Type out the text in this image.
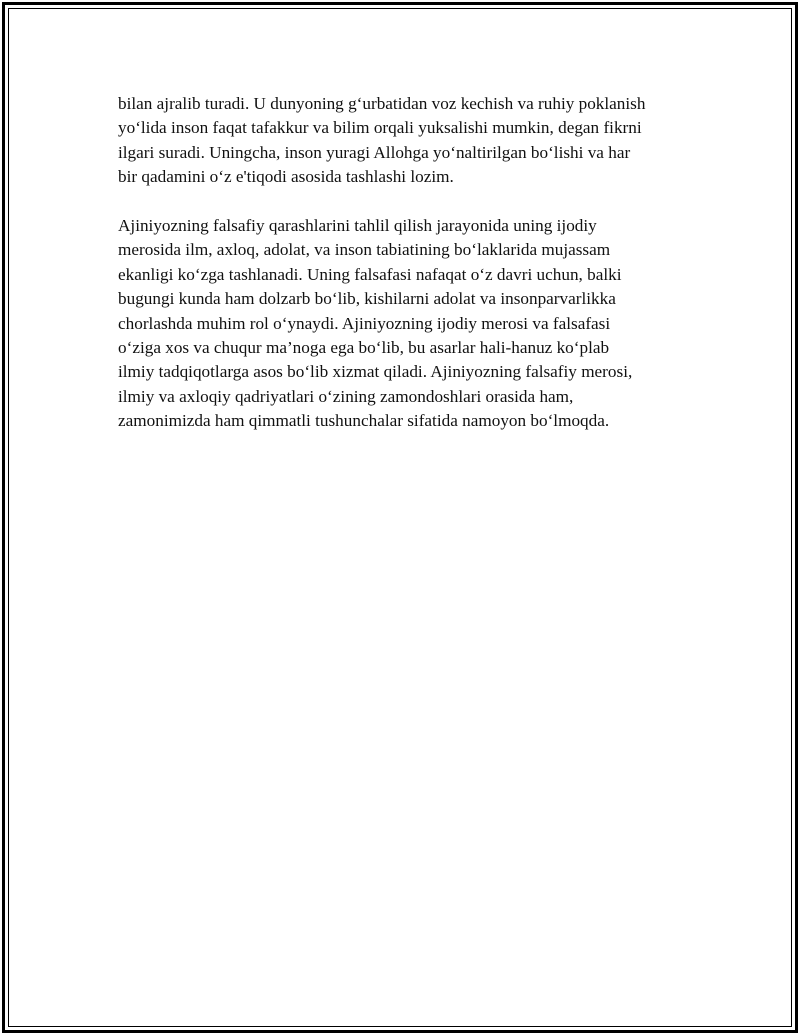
bilan ajralib turadi. U dunyoning g‘urbatidan voz kechish va ruhiy poklanish
yo‘lida inson faqat tafakkur va bilim orqali yuksalishi mumkin, degan fikrni
ilgari suradi. Uningcha, inson yuragi Allohga yo‘naltirilgan bo‘lishi va har
bir qadamini o‘z e'tiqodi asosida tashlashi lozim.

Ajiniyozning falsafiy qarashlarini tahlil qilish jarayonida uning ijodiy
merosida ilm, axloq, adolat, va inson tabiatining bo‘laklarida mujassam
ekanligi ko‘zga tashlanadi. Uning falsafasi nafaqat o‘z davri uchun, balki
bugungi kunda ham dolzarb bo‘lib, kishilarni adolat va insonparvarlikka
chorlashda muhim rol o‘ynaydi. Ajiniyozning ijodiy merosi va falsafasi
o‘ziga xos va chuqur ma’noga ega bo‘lib, bu asarlar hali-hanuz ko‘plab
ilmiy tadqiqotlarga asos bo‘lib xizmat qiladi. Ajiniyozning falsafiy merosi,
ilmiy va axloqiy qadriyatlari o‘zining zamondoshlari orasida ham,
zamonimizda ham qimmatli tushunchalar sifatida namoyon bo‘lmoqda.
